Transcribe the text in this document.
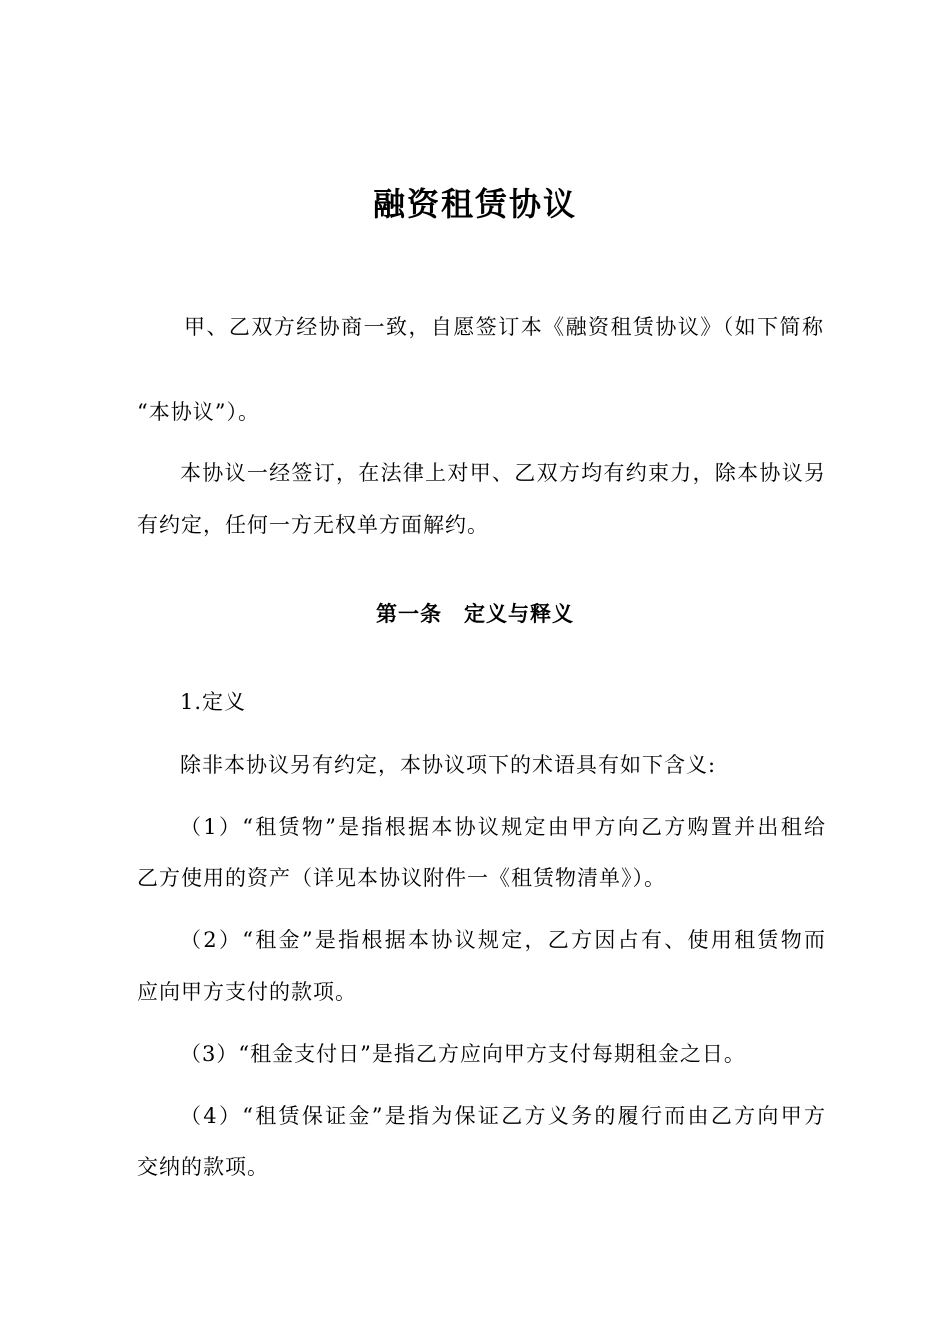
融资租赁协议
甲、乙双方经协商一致，自愿签订本《融资租赁协议》（如下简称
“本协议”）。
本协议一经签订，在法律上对甲、乙双方均有约束力，除本协议另
有约定，任何一方无权单方面解约。
第一条　定义与释义
1.定义
除非本协议另有约定，本协议项下的术语具有如下含义:
（1）“租赁物”是指根据本协议规定由甲方向乙方购置并出租给
乙方使用的资产（详见本协议附件一《租赁物清单》）。
（2）“租金”是指根据本协议规定，乙方因占有、使用租赁物而
应向甲方支付的款项。
（3）“租金支付日”是指乙方应向甲方支付每期租金之日。
（4）“租赁保证金”是指为保证乙方义务的履行而由乙方向甲方
交纳的款项。
